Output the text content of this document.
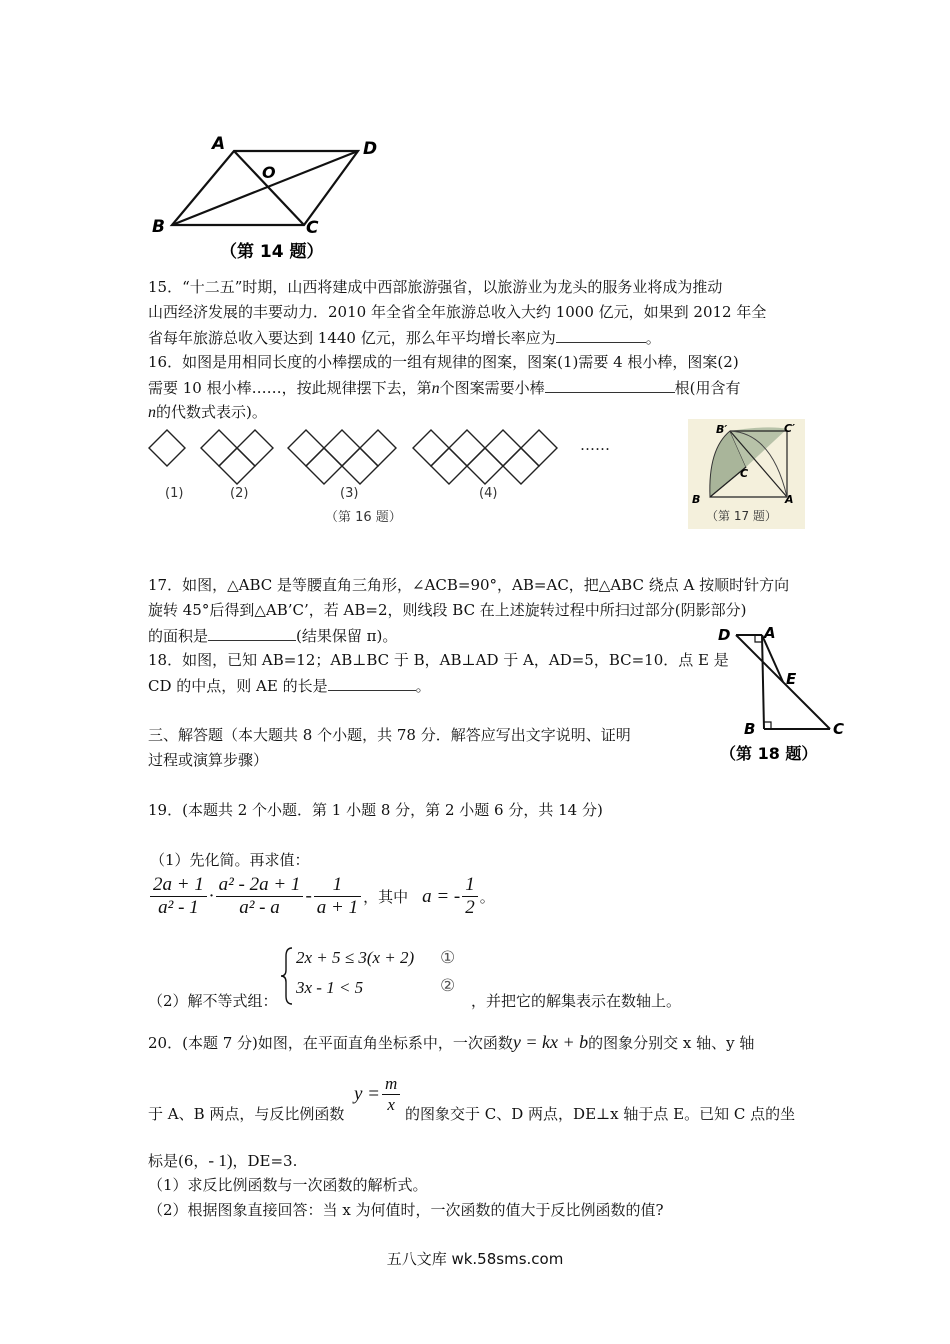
A	D
B	C
O
（第 14 题）
15．“十二五”时期，山西将建成中西部旅游强省，以旅游业为龙头的服务业将成为推动
山西经济发展的丰要动力．2010 年全省全年旅游总收入大约 1000 亿元，如果到 2012 年全
省每年旅游总收入要达到 1440 亿元，那么年平均增长率应为	。
16．如图是用相同长度的小棒摆成的一组有规律的图案，图案(1)需要 4 根小棒，图案(2)
需要 10 根小棒……，按此规律摆下去，第n个图案需要小棒	根(用含有
n的代数式表示)。
……
(1)	(2)	(3)	(4)
（第 16 题）
B′	C′
C
B	A
（第 17 题）
17．如图，△ABC 是等腰直角三角形，∠ACB=90°，AB=AC，把△ABC 绕点 A 按顺时针方向
旋转 45°后得到△AB’C’，若 AB=2，则线段 BC 在上述旋转过程中所扫过部分(阴影部分)
的面积是	(结果保留 π)。
18．如图，已知 AB=12；AB⊥BC 于 B，AB⊥AD 于 A，AD=5，BC=10．点 E 是
CD 的中点，则 AE 的长是	。
D A
E
B	C
（第 18 题）
三、解答题（本大题共 8 个小题，共 78 分．解答应写出文字说明、证明
过程或演算步骤）
19．(本题共 2 个小题．第 1 小题 8 分，第 2 小题 6 分，共 14 分)
（1）先化简。再求值：
$\frac{2a + 1}{\text{a² - 1}} \cdot \frac{\text{a² - 2a + 1}}{\text{a² - a}} - \frac{1}{a + 1}$ ，其中 a = - $\frac{1}{2}$ 。
2x + 5 ≤ 3(x + 2) ①
3x - 1 < 5	②
（2）解不等式组：	，并把它的解集表示在数轴上。
20．(本题 7 分)如图，在平面直角坐标系中，一次函数y = kx + b的图象分别交 x 轴、y 轴
于 A、B 两点，与反比例函数
$y = \frac{m}{x}$ 的图象交于 C、D 两点，DE⊥x 轴于点 E。已知 C 点的坐
标是(6，- 1)，DE=3.
（1）求反比例函数与一次函数的解析式。
（2）根据图象直接回答：当 x 为何值时，一次函数的值大于反比例函数的值?
五八文库 wk.58sms.com
